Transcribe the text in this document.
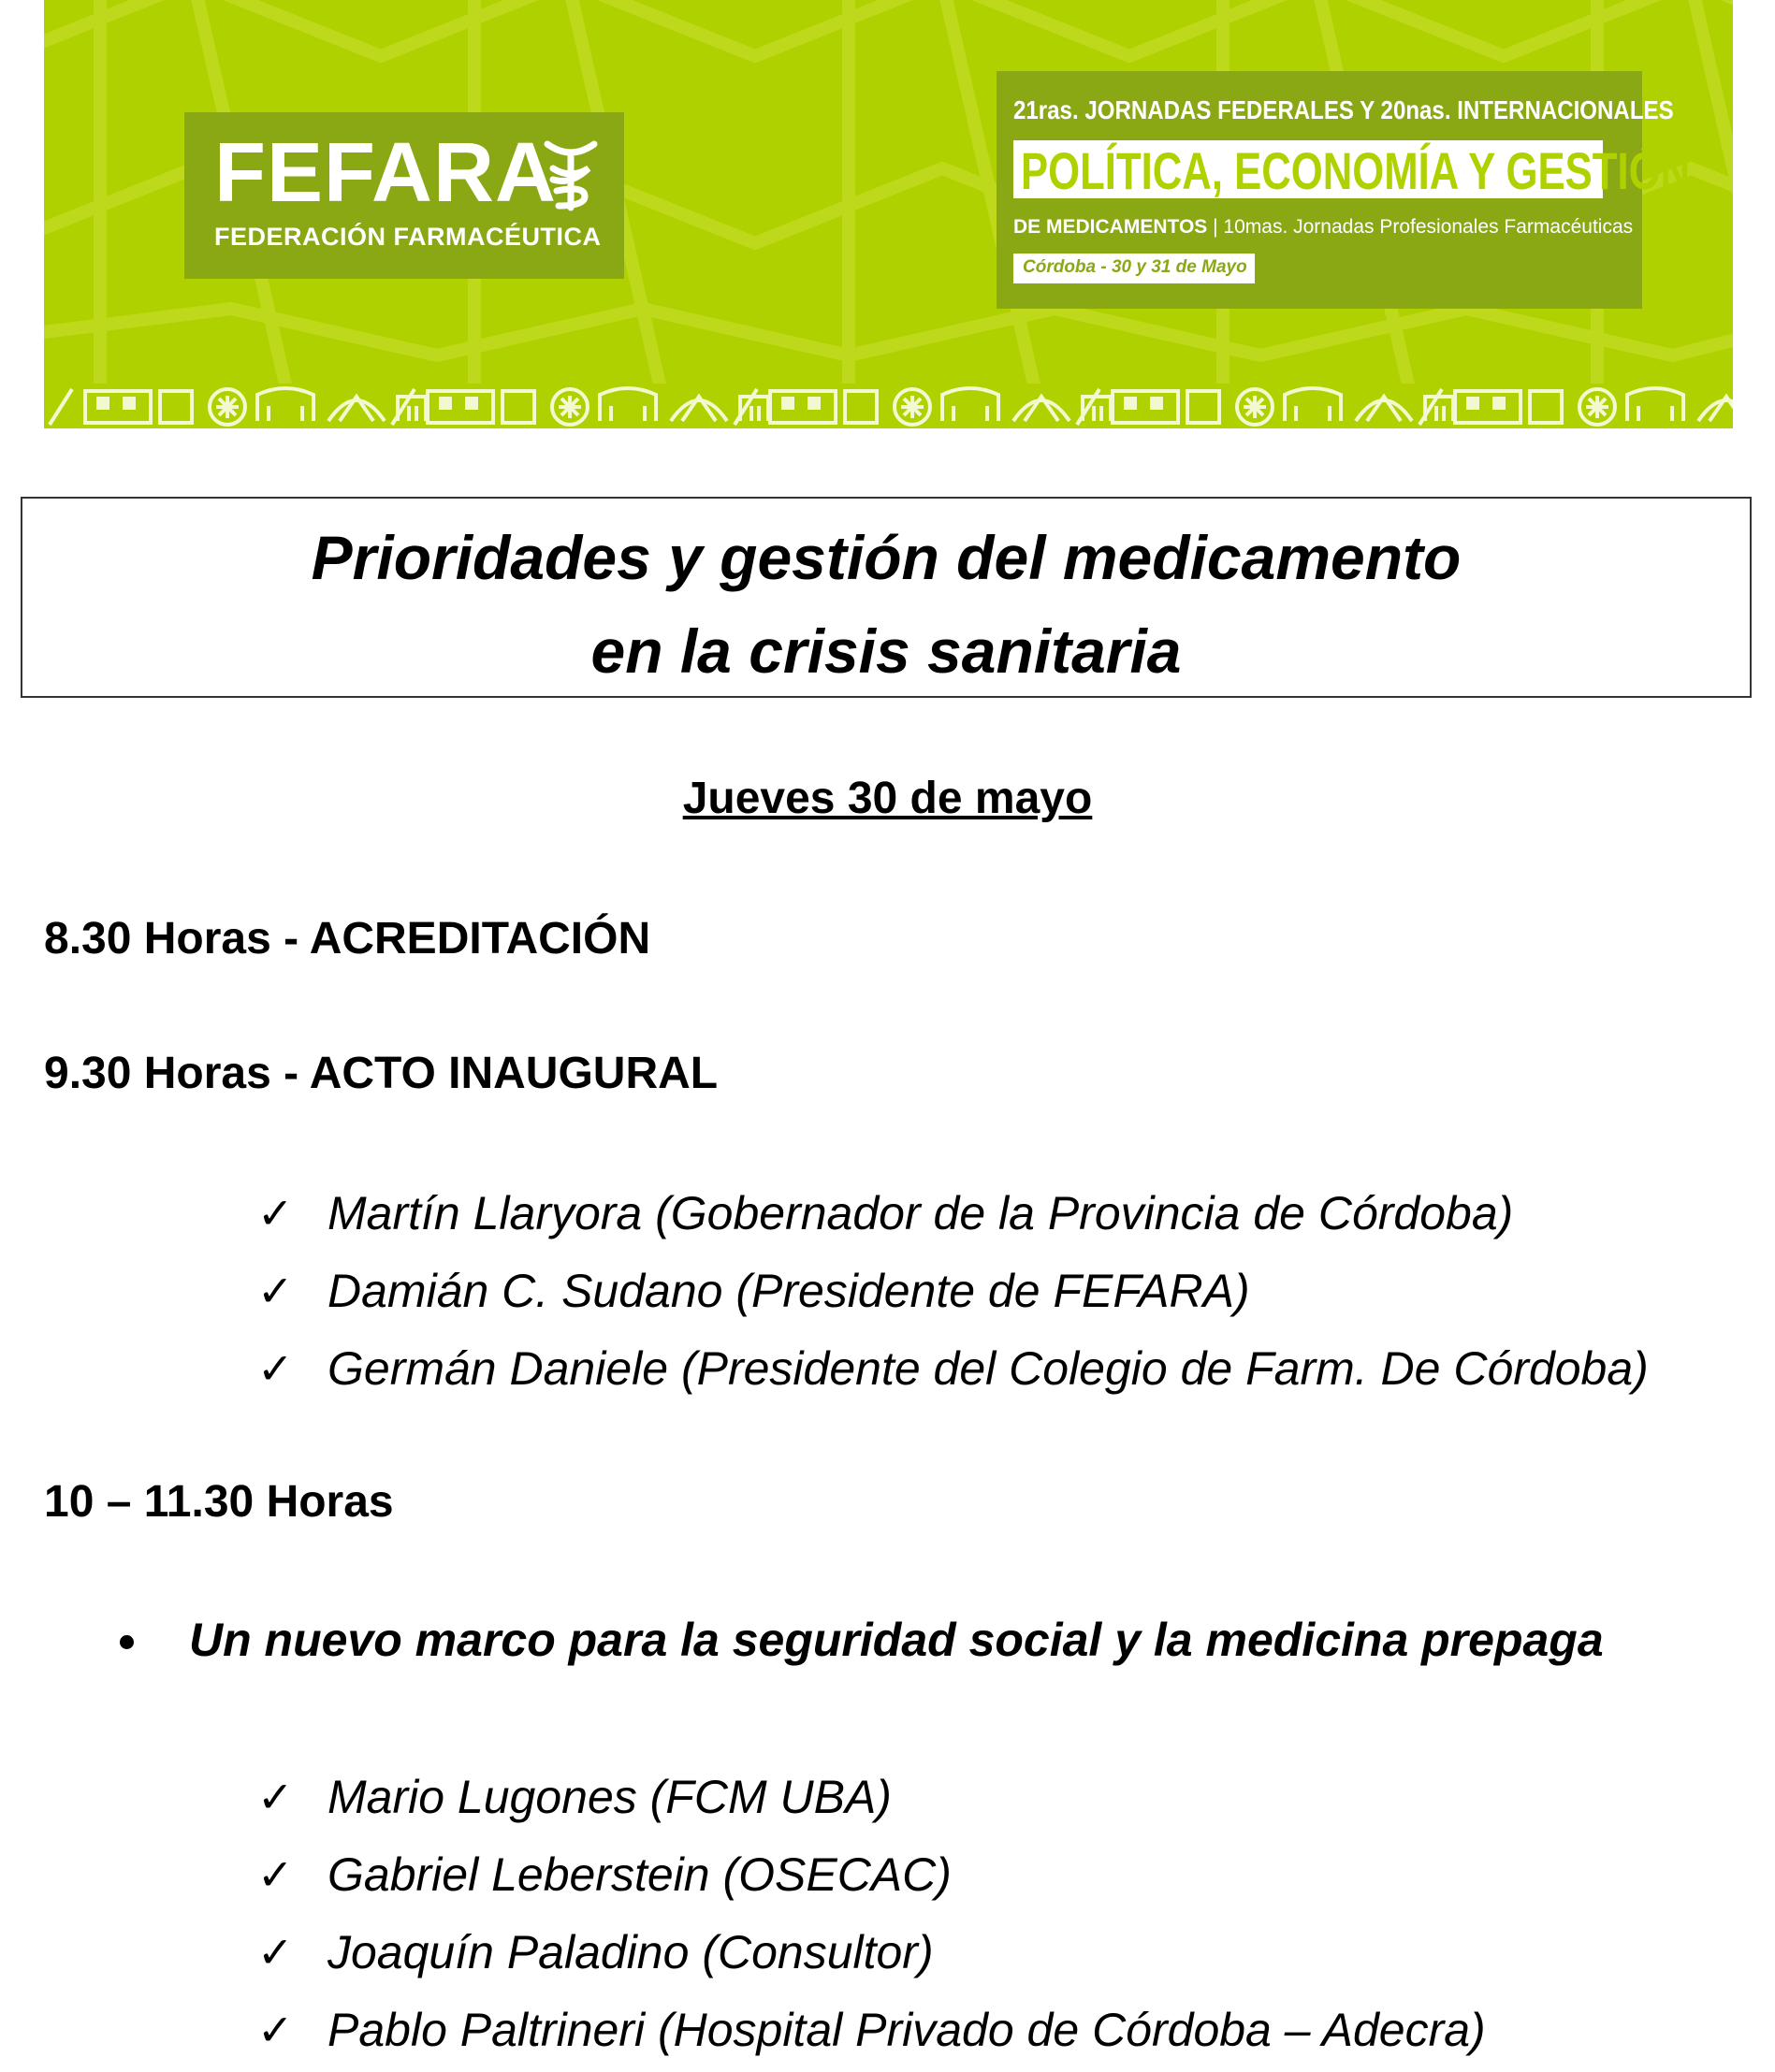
FEFARA
FEDERACIÓN FARMACÉUTICA
21ras. JORNADAS FEDERALES Y 20nas. INTERNACIONALES
POLÍTICA, ECONOMÍA Y GESTIÓN
DE MEDICAMENTOS | 10mas. Jornadas Profesionales Farmacéuticas
Córdoba - 30 y 31 de Mayo
Prioridades y gestión del medicamento
en la crisis sanitaria
Jueves 30 de mayo
8.30 Horas - ACREDITACIÓN
9.30 Horas - ACTO INAUGURAL
✓ Martín Llaryora (Gobernador de la Provincia de Córdoba)
✓ Damián C. Sudano (Presidente de FEFARA)
✓ Germán Daniele (Presidente del Colegio de Farm. De Córdoba)
10 – 11.30 Horas
Un nuevo marco para la seguridad social y la medicina prepaga
✓ Mario Lugones (FCM UBA)
✓ Gabriel Leberstein (OSECAC)
✓ Joaquín Paladino (Consultor)
✓ Pablo Paltrineri (Hospital Privado de Córdoba – Adecra)
